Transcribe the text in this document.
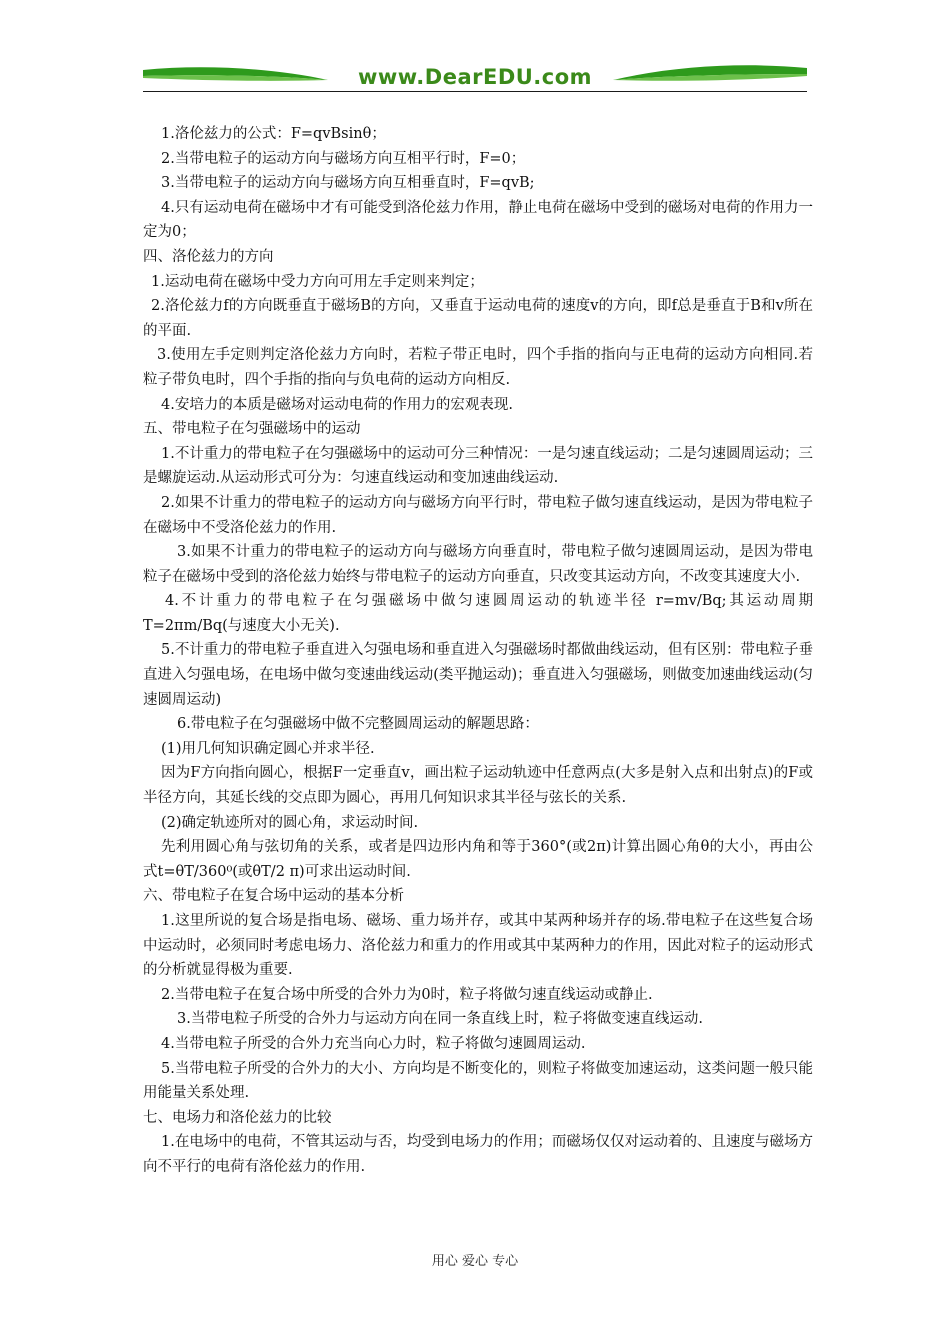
www.DearEDU.com

1.洛伦兹力的公式：F=qvBsinθ；

2.当带电粒子的运动方向与磁场方向互相平行时，F=0；

3.当带电粒子的运动方向与磁场方向互相垂直时，F=qvB;

4.只有运动电荷在磁场中才有可能受到洛伦兹力作用，静止电荷在磁场中受到的磁场对电荷的作用力一定为0；

四、洛伦兹力的方向

1.运动电荷在磁场中受力方向可用左手定则来判定；

2.洛伦兹力f的方向既垂直于磁场B的方向，又垂直于运动电荷的速度v的方向，即f总是垂直于B和v所在的平面.

3.使用左手定则判定洛伦兹力方向时，若粒子带正电时，四个手指的指向与正电荷的运动方向相同.若粒子带负电时，四个手指的指向与负电荷的运动方向相反.

4.安培力的本质是磁场对运动电荷的作用力的宏观表现.

五、带电粒子在匀强磁场中的运动

1.不计重力的带电粒子在匀强磁场中的运动可分三种情况：一是匀速直线运动；二是匀速圆周运动；三是螺旋运动.从运动形式可分为：匀速直线运动和变加速曲线运动.

2.如果不计重力的带电粒子的运动方向与磁场方向平行时，带电粒子做匀速直线运动，是因为带电粒子在磁场中不受洛伦兹力的作用.

3.如果不计重力的带电粒子的运动方向与磁场方向垂直时，带电粒子做匀速圆周运动，是因为带电粒子在磁场中受到的洛伦兹力始终与带电粒子的运动方向垂直，只改变其运动方向，不改变其速度大小.

4.不计重力的带电粒子在匀强磁场中做匀速圆周运动的轨迹半径 r=mv/Bq;其运动周期T=2πm/Bq(与速度大小无关).

5.不计重力的带电粒子垂直进入匀强电场和垂直进入匀强磁场时都做曲线运动，但有区别：带电粒子垂直进入匀强电场，在电场中做匀变速曲线运动(类平抛运动)；垂直进入匀强磁场，则做变加速曲线运动(匀速圆周运动)

6.带电粒子在匀强磁场中做不完整圆周运动的解题思路：

(1)用几何知识确定圆心并求半径.

因为F方向指向圆心，根据F一定垂直v，画出粒子运动轨迹中任意两点(大多是射入点和出射点)的F或半径方向，其延长线的交点即为圆心，再用几何知识求其半径与弦长的关系.

(2)确定轨迹所对的圆心角，求运动时间.

先利用圆心角与弦切角的关系，或者是四边形内角和等于360°(或2π)计算出圆心角θ的大小，再由公式t=θT/360⁰(或θT/2 π)可求出运动时间.

六、带电粒子在复合场中运动的基本分析

1.这里所说的复合场是指电场、磁场、重力场并存，或其中某两种场并存的场.带电粒子在这些复合场中运动时，必须同时考虑电场力、洛伦兹力和重力的作用或其中某两种力的作用，因此对粒子的运动形式的分析就显得极为重要.

2.当带电粒子在复合场中所受的合外力为0时，粒子将做匀速直线运动或静止.

3.当带电粒子所受的合外力与运动方向在同一条直线上时，粒子将做变速直线运动.

4.当带电粒子所受的合外力充当向心力时，粒子将做匀速圆周运动.

5.当带电粒子所受的合外力的大小、方向均是不断变化的，则粒子将做变加速运动，这类问题一般只能用能量关系处理.

七、电场力和洛伦兹力的比较

1.在电场中的电荷，不管其运动与否，均受到电场力的作用；而磁场仅仅对运动着的、且速度与磁场方向不平行的电荷有洛伦兹力的作用.

用心 爱心 专心
